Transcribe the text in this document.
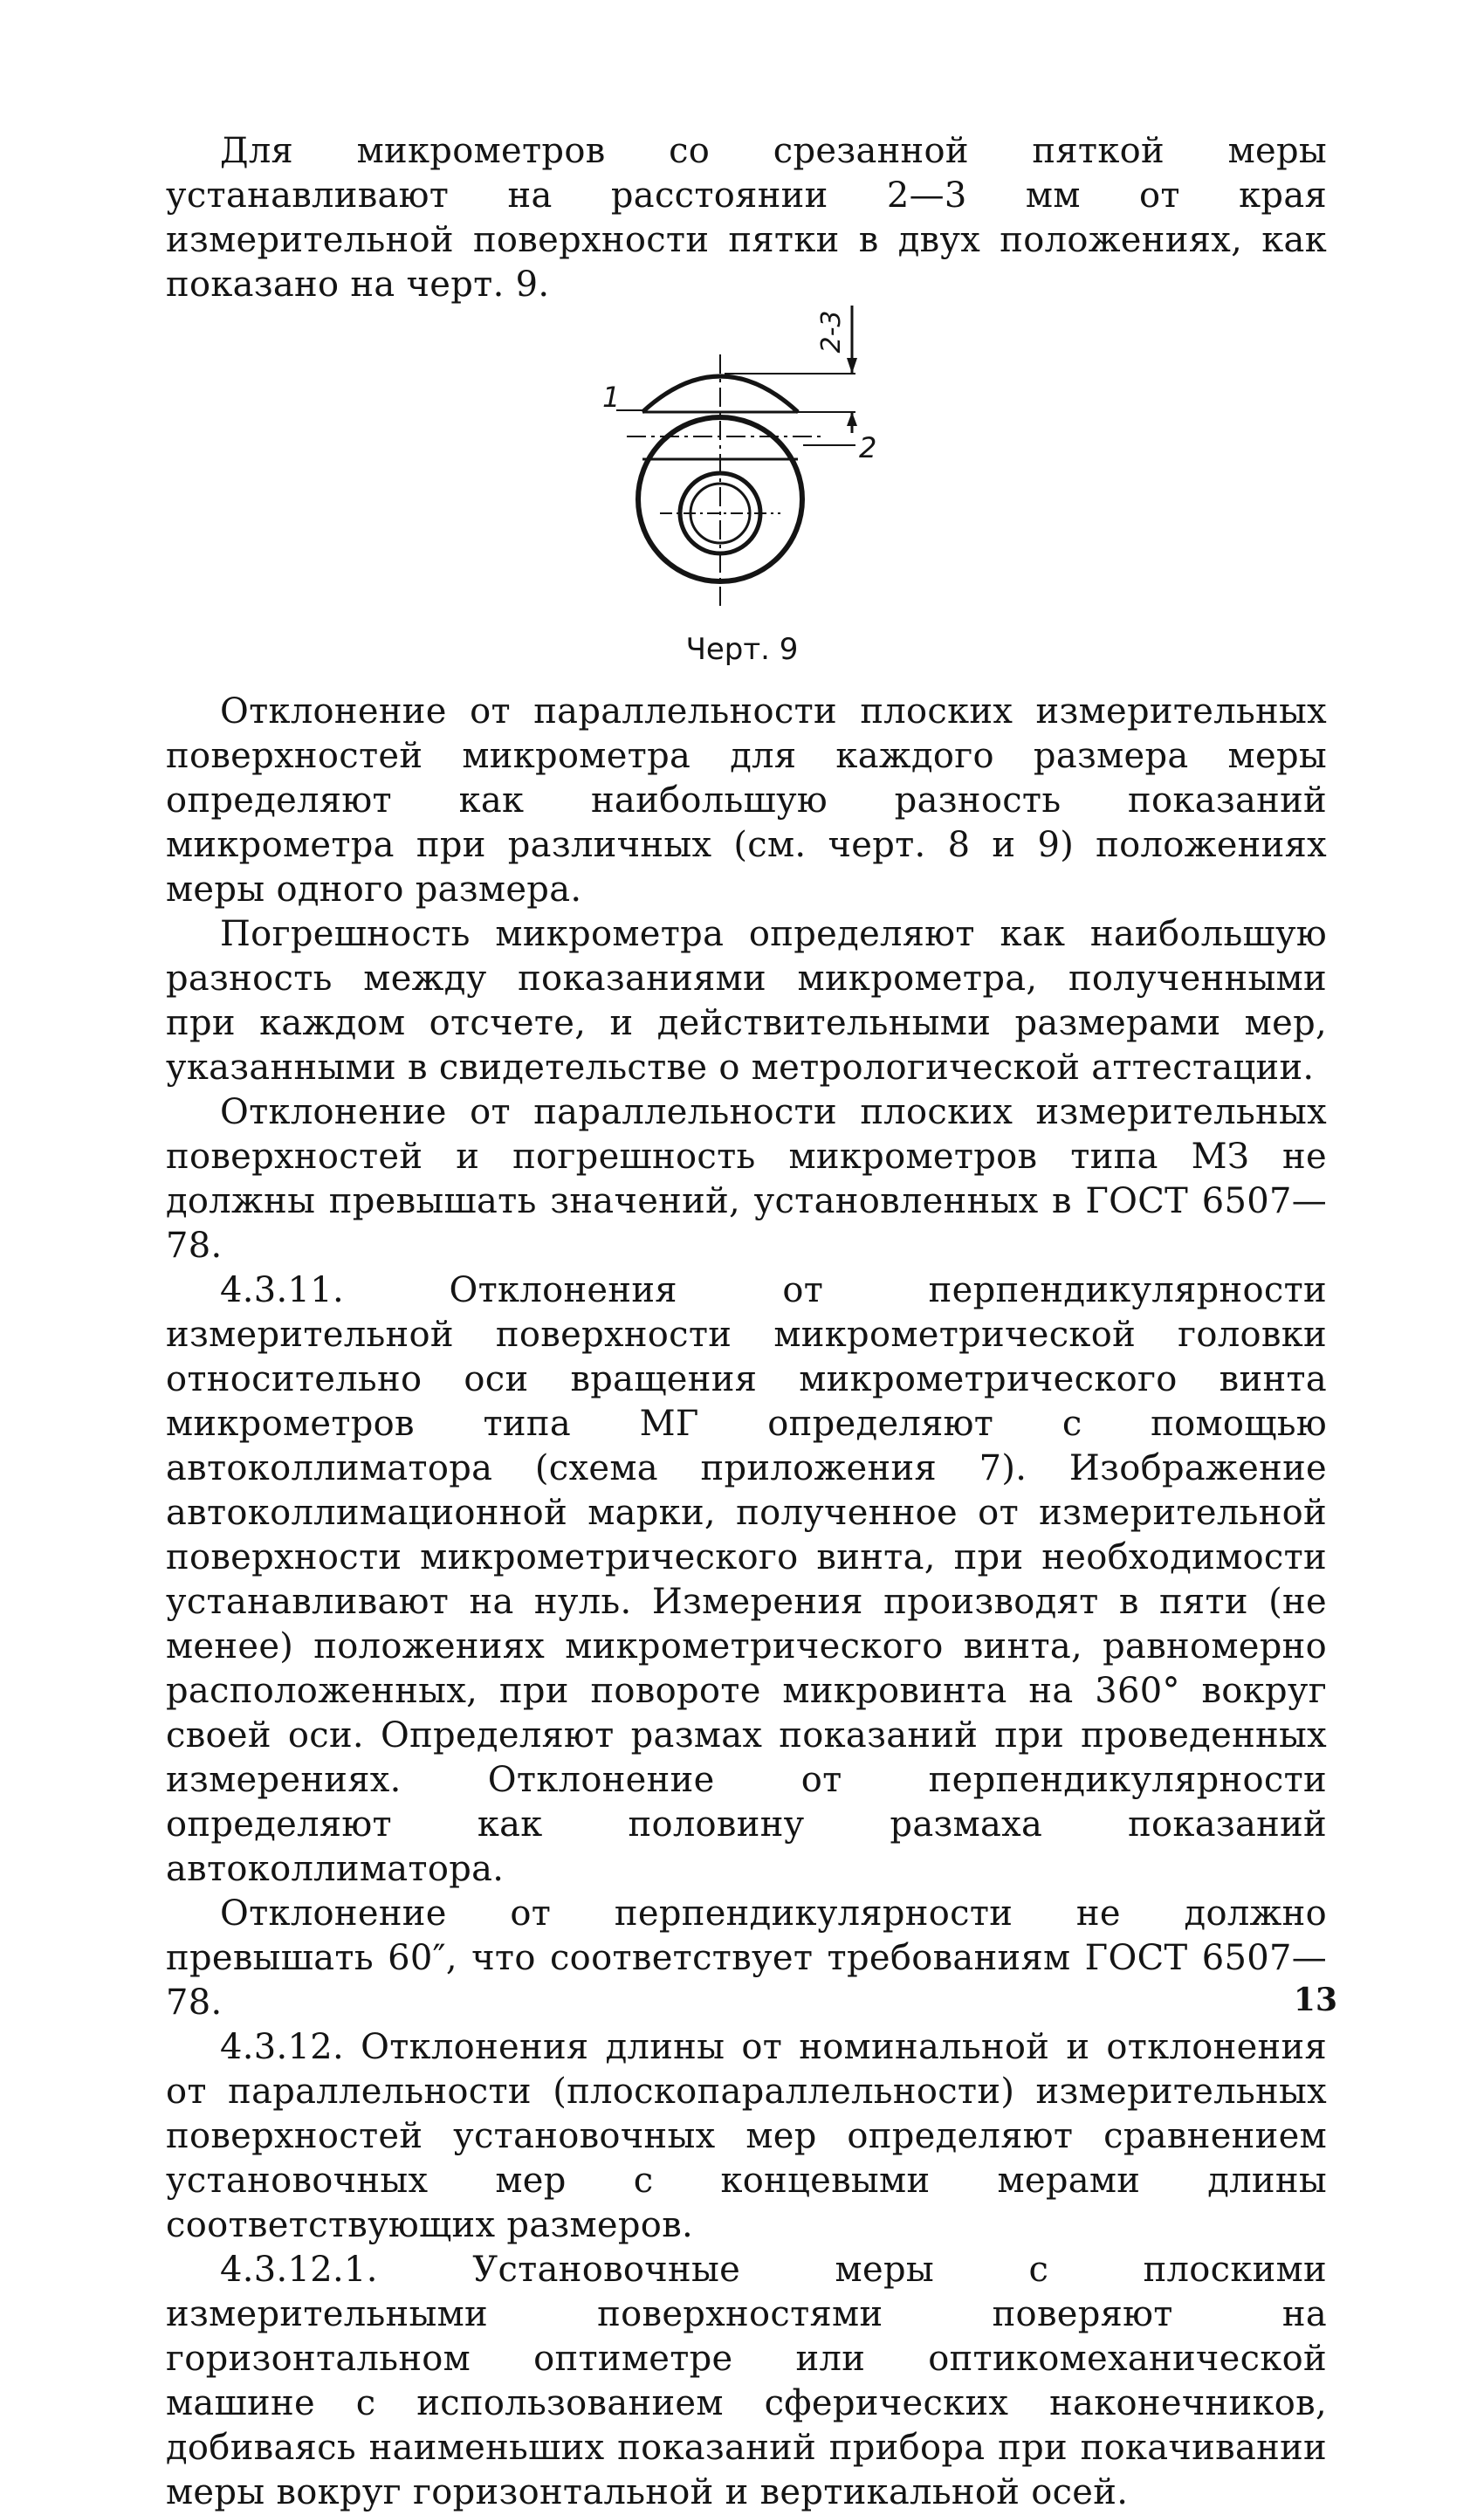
Для микрометров со срезанной пяткой меры устанавливают на расстоянии 2—3 мм от края измерительной поверхности пятки в двух положениях, как показано на черт. 9.

2-3
1
2
Черт. 9

Отклонение от параллельности плоских измерительных поверхностей микрометра для каждого размера меры определяют как наибольшую разность показаний микрометра при различных (см. черт. 8 и 9) положениях меры одного размера.

Погрешность микрометра определяют как наибольшую разность между показаниями микрометра, полученными при каждом отсчете, и действительными размерами мер, указанными в свидетельстве о метрологической аттестации.

Отклонение от параллельности плоских измерительных поверхностей и погрешность микрометров типа МЗ не должны превышать значений, установленных в ГОСТ 6507—78.

4.3.11. Отклонения от перпендикулярности измерительной поверхности микрометрической головки относительно оси вращения микрометрического винта микрометров типа МГ определяют с помощью автоколлиматора (схема приложения 7). Изображение автоколлимационной марки, полученное от измерительной поверхности микрометрического винта, при необходимости устанавливают на нуль. Измерения производят в пяти (не менее) положениях микрометрического винта, равномерно расположенных, при повороте микровинта на 360° вокруг своей оси. Определяют размах показаний при проведенных измерениях. Отклонение от перпендикулярности определяют как половину размаха показаний автоколлиматора.

Отклонение от перпендикулярности не должно превышать 60″, что соответствует требованиям ГОСТ 6507—78.

4.3.12. Отклонения длины от номинальной и отклонения от параллельности (плоскопараллельности) измерительных поверхностей установочных мер определяют сравнением установочных мер с концевыми мерами длины соответствующих размеров.

4.3.12.1. Установочные меры с плоскими измерительными поверхностями поверяют на горизонтальном оптиметре или оптикомеханической машине с использованием сферических наконечников, добиваясь наименьших показаний прибора при покачивании меры вокруг горизонтальной и вертикальной осей.

13
